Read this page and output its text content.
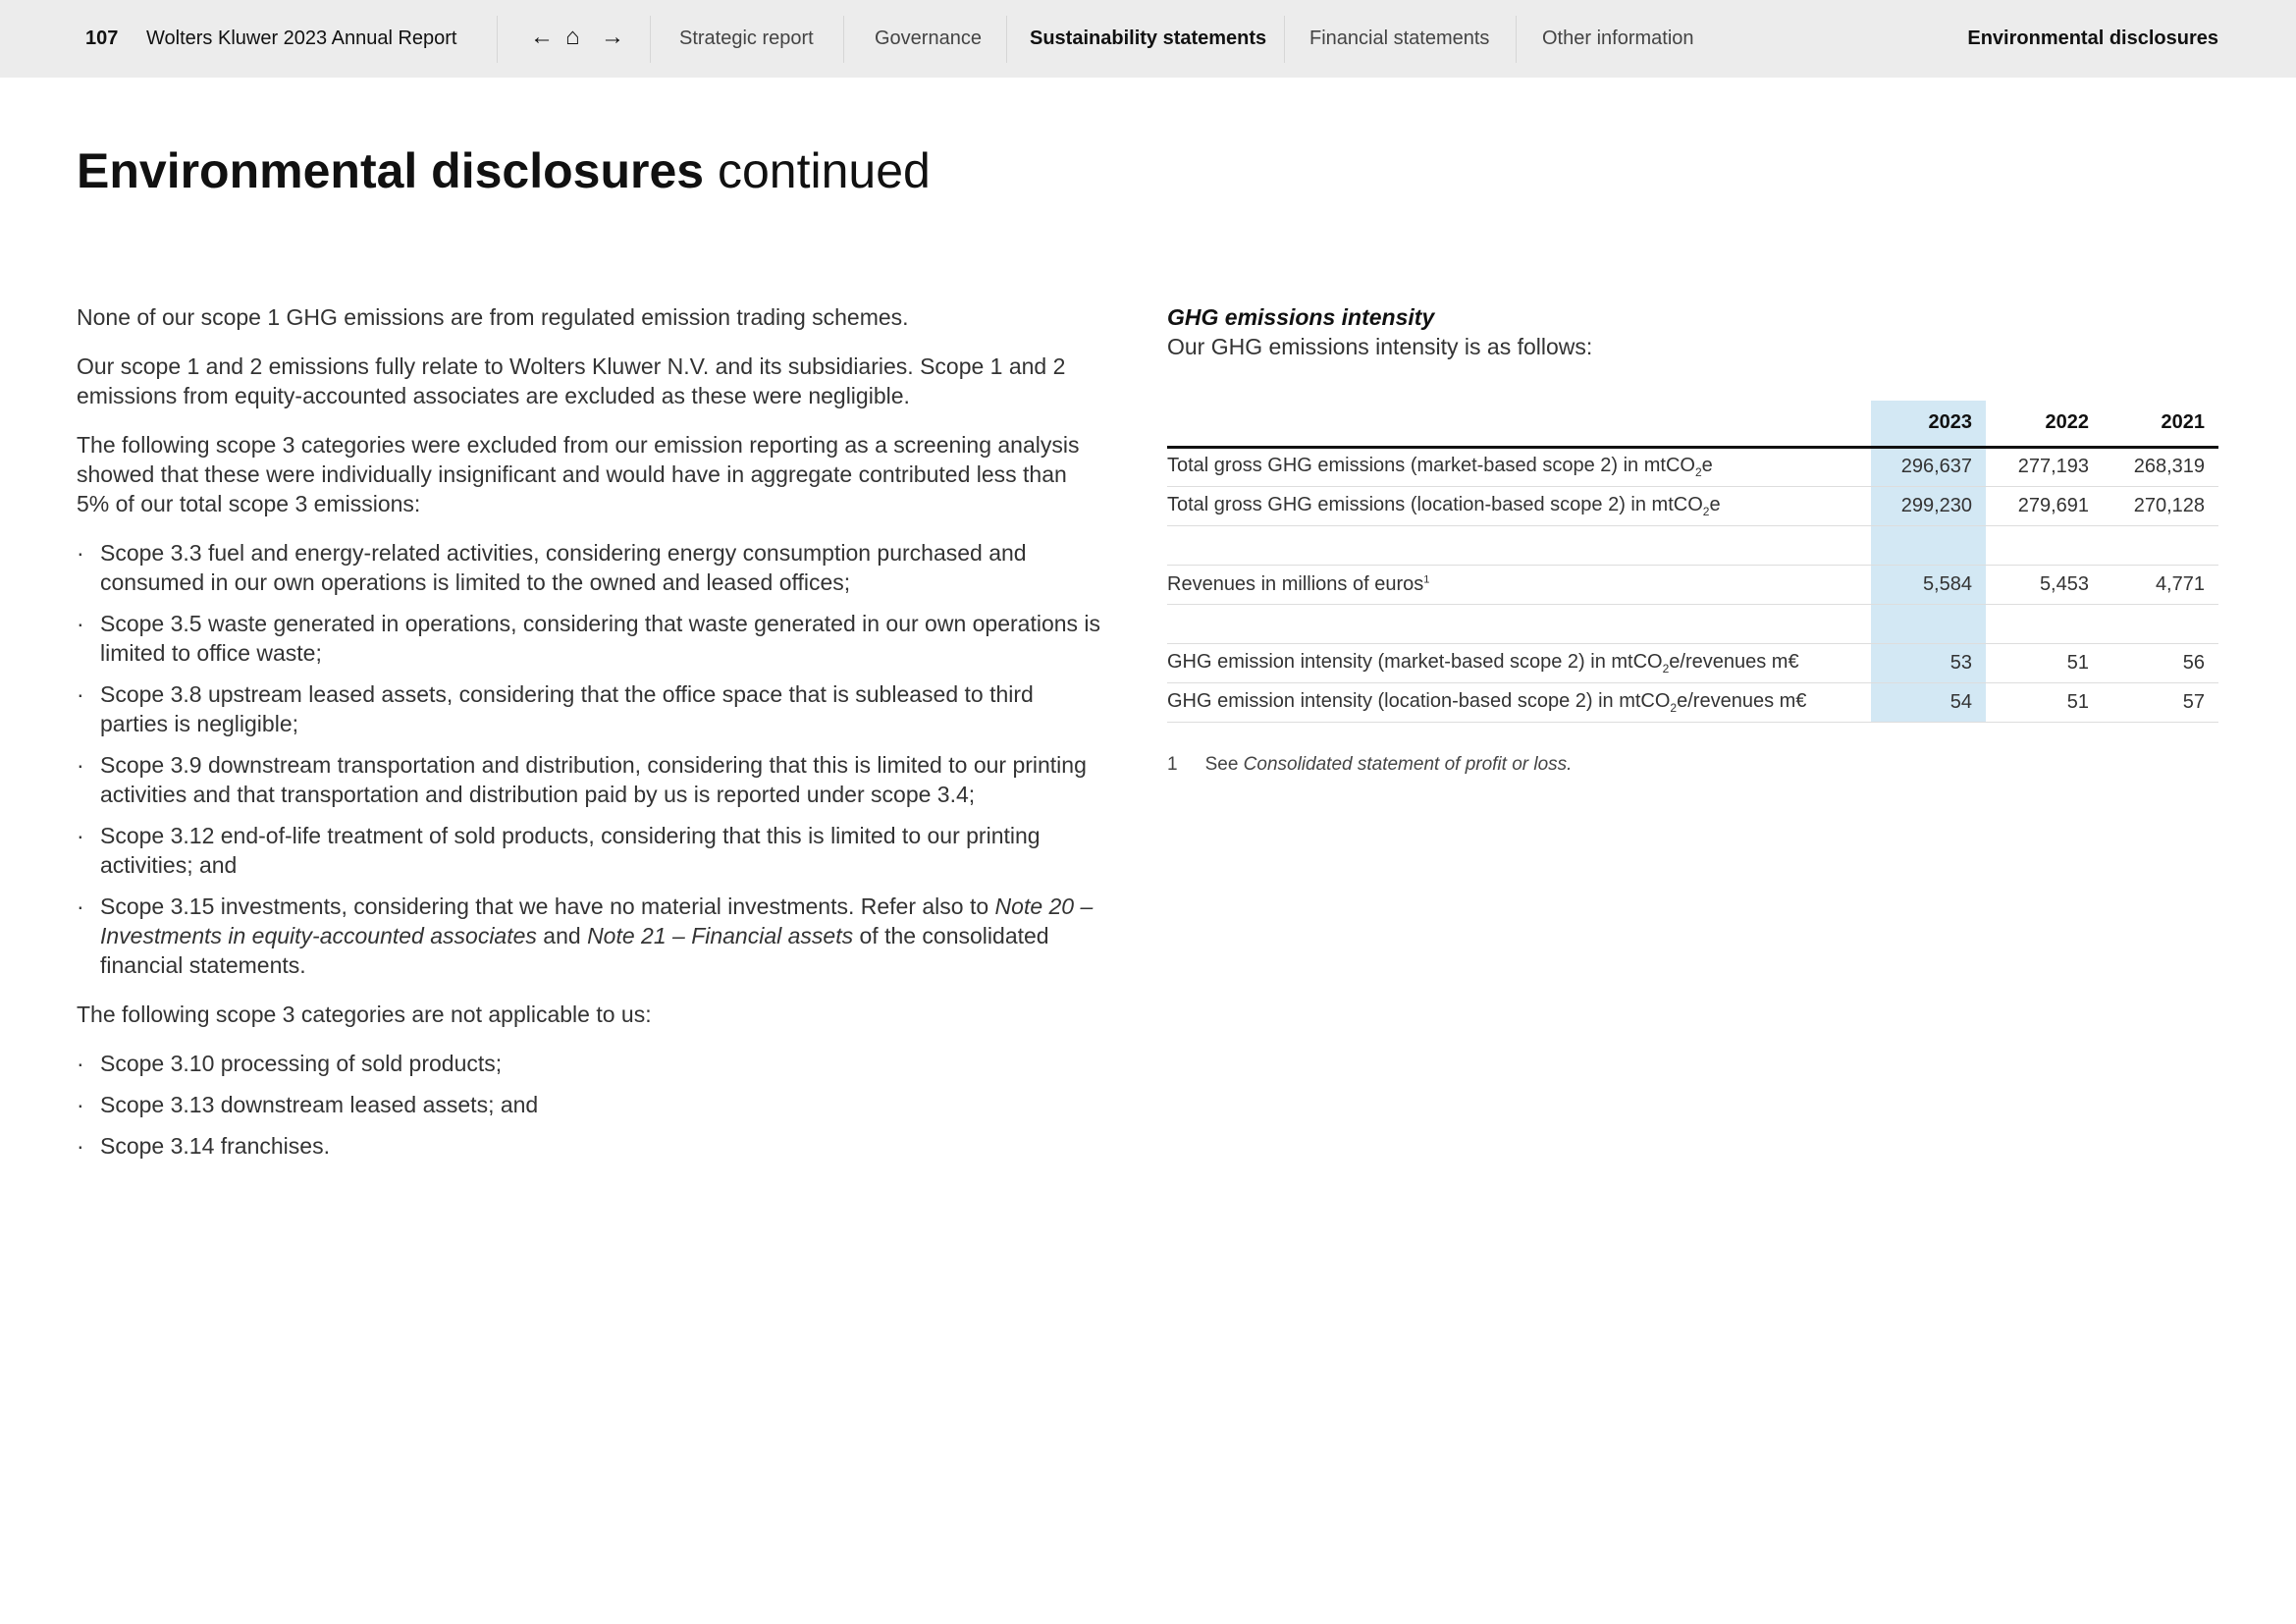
107 Wolters Kluwer 2023 Annual Report	← ⌂ →	Strategic report	Governance Sustainability statements Financial statements	Other information	Environmental disclosures
Environmental disclosures continued

None of our scope 1 GHG emissions are from regulated emission trading schemes.

Our scope 1 and 2 emissions fully relate to Wolters Kluwer N.V. and its subsidiaries. Scope 1 and 2 emissions from equity-accounted associates are excluded as these were negligible.

The following scope 3 categories were excluded from our emission reporting as a screening analysis showed that these were individually insignificant and would have in aggregate contributed less than 5% of our total scope 3 emissions:

· Scope 3.3 fuel and energy-related activities, considering energy consumption purchased and consumed in our own operations is limited to the owned and leased offices;
· Scope 3.5 waste generated in operations, considering that waste generated in our own operations is limited to office waste;
· Scope 3.8 upstream leased assets, considering that the office space that is subleased to third parties is negligible;
· Scope 3.9 downstream transportation and distribution, considering that this is limited to our printing activities and that transportation and distribution paid by us is reported under scope 3.4;
· Scope 3.12 end-of-life treatment of sold products, considering that this is limited to our printing activities; and
· Scope 3.15 investments, considering that we have no material investments. Refer also to Note 20 – Investments in equity-accounted associates and Note 21 – Financial assets of the consolidated financial statements.

The following scope 3 categories are not applicable to us:

· Scope 3.10 processing of sold products;
· Scope 3.13 downstream leased assets; and
· Scope 3.14 franchises.
GHG emissions intensity
Our GHG emissions intensity is as follows:
	2023	2022	2021
Total gross GHG emissions (market-based scope 2) in mtCO$_2$e	296,637	277,193	268,319
Total gross GHG emissions (location-based scope 2) in mtCO$_2$e	299,230	279,691	270,128

Revenues in millions of euros$^1$	5,584	5,453	4,771

GHG emission intensity (market-based scope 2) in mtCO$_2$e/revenues m€	53	51	56
GHG emission intensity (location-based scope 2) in mtCO$_2$e/revenues m€	54	51	57
1 See Consolidated statement of profit or loss.
